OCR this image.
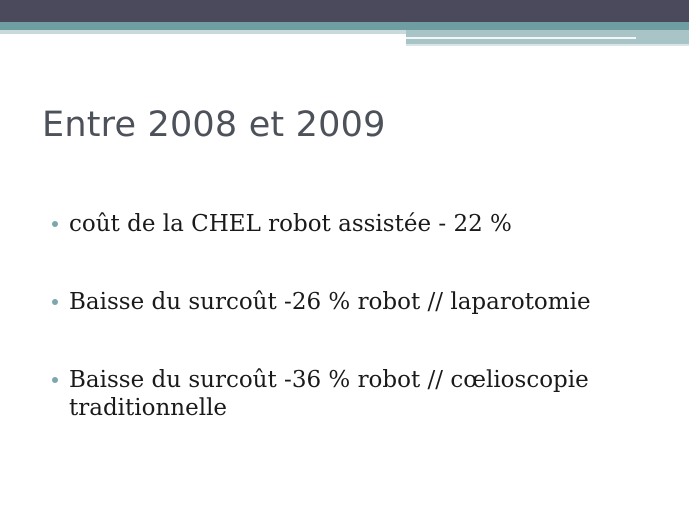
Entre 2008 et 2009
coût de la CHEL robot assistée - 22 %
Baisse du surcoût -26 % robot // laparotomie
Baisse du surcoût -36 % robot // cœlioscopie traditionnelle
